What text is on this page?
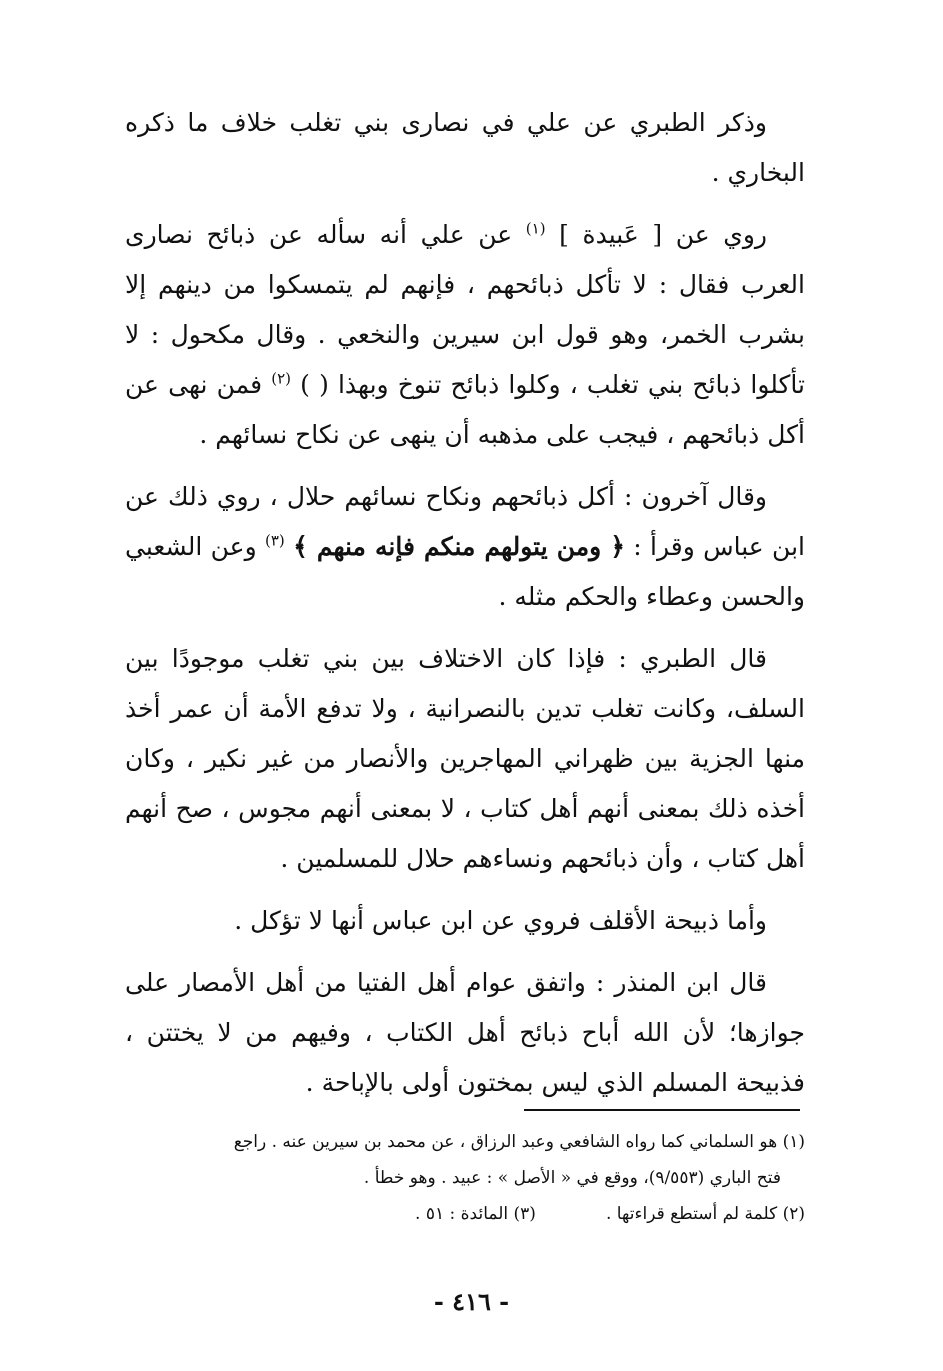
وذكر الطبري عن علي في نصارى بني تغلب خلاف ما ذكره البخاري .

روي عن [ عَبيدة ] $^{(١)}$ عن علي أنه سأله عن ذبائح نصارى العرب فقال : لا تأكل ذبائحهم ، فإنهم لم يتمسكوا من دينهم إلا بشرب الخمر، وهو قول ابن سيرين والنخعي . وقال مكحول : لا تأكلوا ذبائح بني تغلب ، وكلوا ذبائح تنوخ وبهذا ( ) $^{(٢)}$ فمن نهى عن أكل ذبائحهم ، فيجب على مذهبه أن ينهى عن نكاح نسائهم .

وقال آخرون : أكل ذبائحهم ونكاح نسائهم حلال ، روي ذلك عن ابن عباس وقرأ : ﴿ ومن يتولهم منكم فإنه منهم ﴾ $^{(٣)}$ وعن الشعبي والحسن وعطاء والحكم مثله .

قال الطبري : فإذا كان الاختلاف بين بني تغلب موجودًا بين السلف، وكانت تغلب تدين بالنصرانية ، ولا تدفع الأمة أن عمر أخذ منها الجزية بين ظهراني المهاجرين والأنصار من غير نكير ، وكان أخذه ذلك بمعنى أنهم أهل كتاب ، لا بمعنى أنهم مجوس ، صح أنهم أهل كتاب ، وأن ذبائحهم ونساءهم حلال للمسلمين .

وأما ذبيحة الأقلف فروي عن ابن عباس أنها لا تؤكل .

قال ابن المنذر : واتفق عوام أهل الفتيا من أهل الأمصار على جوازها؛ لأن الله أباح ذبائح أهل الكتاب ، وفيهم من لا يختتن ، فذبيحة المسلم الذي ليس بمختون أولى بالإباحة .

(١) هو السلماني كما رواه الشافعي وعبد الرزاق ، عن محمد بن سيرين عنه . راجع

فتح الباري (٩/٥٥٣)، ووقع في « الأصل » : عبيد . وهو خطأ .

(٢) كلمة لم أستطع قراءتها .
(٣) المائدة : ٥١ .

- ٤١٦ -
